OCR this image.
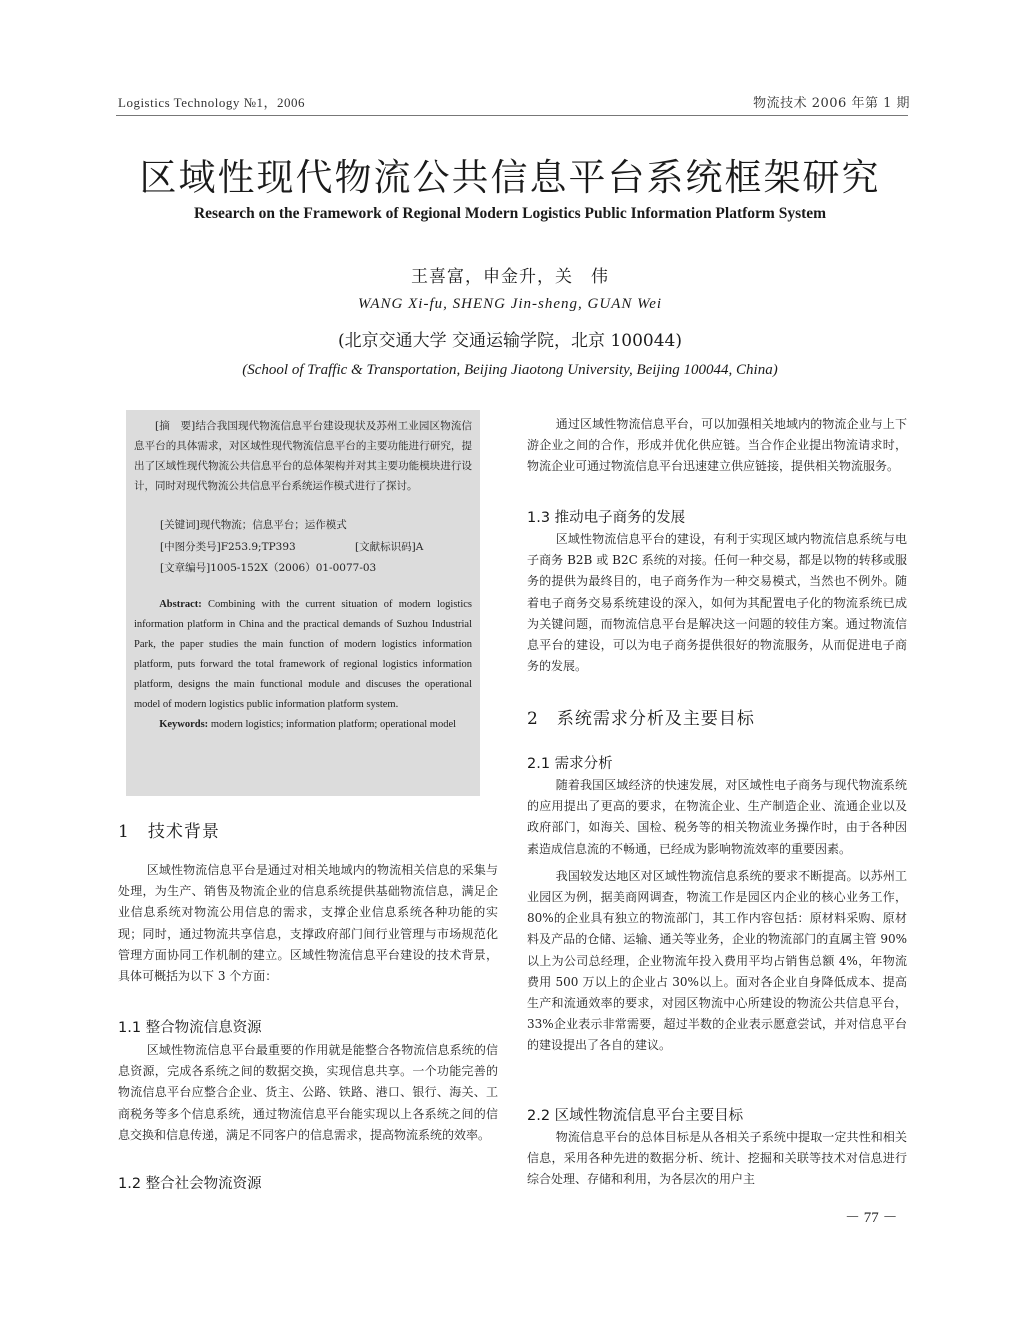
Logistics Technology №1，2006	物流技术 2006 年第 1 期
区域性现代物流公共信息平台系统框架研究
Research on the Framework of Regional Modern Logistics Public Information Platform System
王喜富，申金升，关　伟
WANG Xi-fu, SHENG Jin-sheng, GUAN Wei
(北京交通大学 交通运输学院，北京 100044)
(School of Traffic & Transportation, Beijing Jiaotong University, Beijing 100044, China)
[摘　要]结合我国现代物流信息平台建设现状及苏州工业园区物流信息平台的具体需求，对区域性现代物流信息平台的主要功能进行研究，提出了区域性现代物流公共信息平台的总体架构并对其主要功能模块进行设计，同时对现代物流公共信息平台系统运作模式进行了探讨。
[关键词]现代物流；信息平台；运作模式
[中图分类号]F253.9;TP393	[文献标识码]A
[文章编号]1005-152X（2006）01-0077-03
Abstract: Combining with the current situation of modern logistics information platform in China and the practical demands of Suzhou Industrial Park, the paper studies the main function of modern logistics information platform, puts forward the total framework of regional logistics information platform, designs the main functional module and discuses the operational model of modern logistics public information platform system.
Keywords: modern logistics; information platform; operational model
1　技术背景

区域性物流信息平台是通过对相关地域内的物流相关信息的采集与处理，为生产、销售及物流企业的信息系统提供基础物流信息，满足企业信息系统对物流公用信息的需求，支撑企业信息系统各种功能的实现；同时，通过物流共享信息，支撑政府部门间行业管理与市场规范化管理方面协同工作机制的建立。区域性物流信息平台建设的技术背景，具体可概括为以下 3 个方面：

1.1 整合物流信息资源

区域性物流信息平台最重要的作用就是能整合各物流信息系统的信息资源，完成各系统之间的数据交换，实现信息共享。一个功能完善的物流信息平台应整合企业、货主、公路、铁路、港口、银行、海关、工商税务等多个信息系统，通过物流信息平台能实现以上各系统之间的信息交换和信息传递，满足不同客户的信息需求，提高物流系统的效率。

1.2 整合社会物流资源

通过区域性物流信息平台，可以加强相关地域内的物流企业与上下游企业之间的合作，形成并优化供应链。当合作企业提出物流请求时，物流企业可通过物流信息平台迅速建立供应链接，提供相关物流服务。

1.3 推动电子商务的发展

区域性物流信息平台的建设，有利于实现区域内物流信息系统与电子商务 B2B 或 B2C 系统的对接。任何一种交易，都是以物的转移或服务的提供为最终目的，电子商务作为一种交易模式，当然也不例外。随着电子商务交易系统建设的深入，如何为其配置电子化的物流系统已成为关键问题，而物流信息平台是解决这一问题的较佳方案。通过物流信息平台的建设，可以为电子商务提供很好的物流服务，从而促进电子商务的发展。

2　系统需求分析及主要目标
2.1 需求分析

随着我国区域经济的快速发展，对区域性电子商务与现代物流系统的应用提出了更高的要求，在物流企业、生产制造企业、流通企业以及政府部门，如海关、国检、税务等的相关物流业务操作时，由于各种因素造成信息流的不畅通，已经成为影响物流效率的重要因素。

我国较发达地区对区域性物流信息系统的要求不断提高。以苏州工业园区为例，据美商网调查，物流工作是园区内企业的核心业务工作，80%的企业具有独立的物流部门，其工作内容包括：原材料采购、原材料及产品的仓储、运输、通关等业务，企业的物流部门的直属主管 90%以上为公司总经理，企业物流年投入费用平均占销售总额 4%，年物流费用 500 万以上的企业占 30%以上。面对各企业自身降低成本、提高生产和流通效率的要求，对园区物流中心所建设的物流公共信息平台，33%企业表示非常需要，超过半数的企业表示愿意尝试，并对信息平台的建设提出了各自的建议。

2.2 区域性物流信息平台主要目标

物流信息平台的总体目标是从各相关子系统中提取一定共性和相关信息，采用各种先进的数据分析、统计、挖掘和关联等技术对信息进行综合处理、存储和利用，为各层次的用户主

－ 77 －
